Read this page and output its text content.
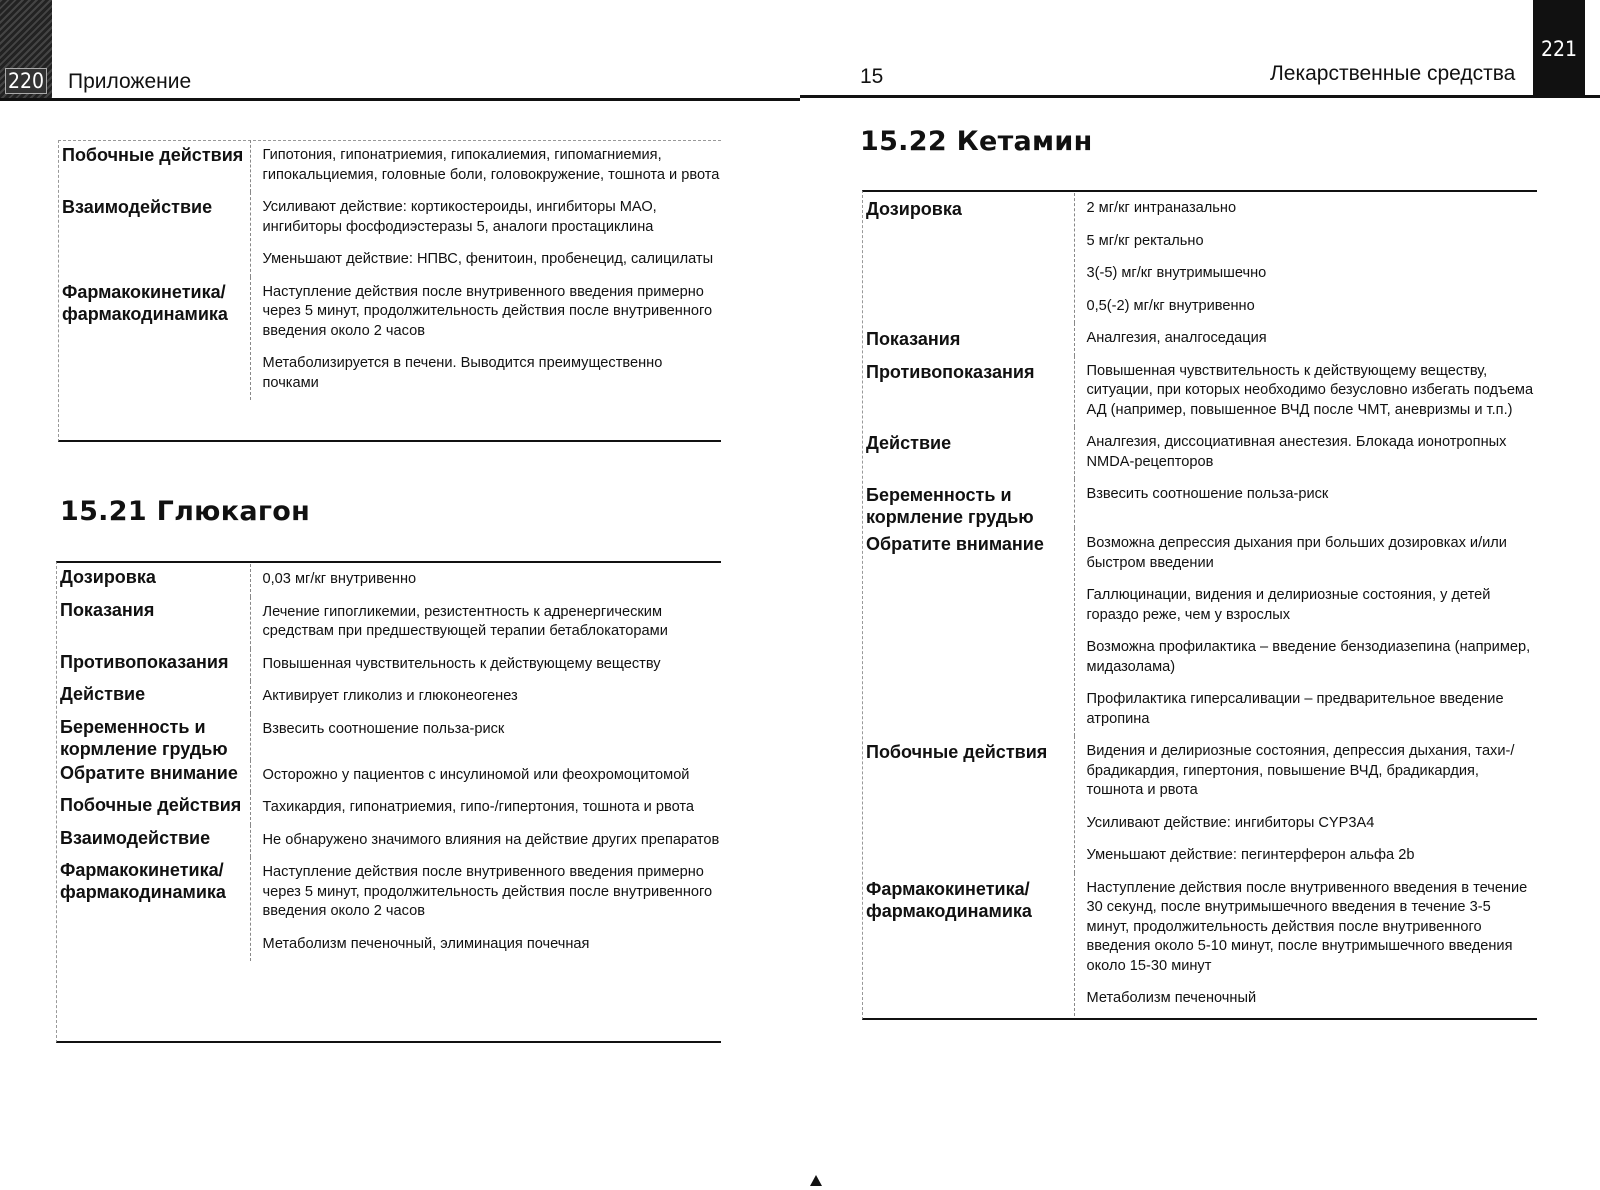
220 Приложение	15	Лекарственные средства
221
Побочные действия	Гипотония, гипонатриемия, гипокалиемия, гипомагниемия, гипокальциемия, головные боли, головокружение, тошнота и рвота

Взаимодействие	Усиливают действие: кортикостероиды, ингибиторы МАО, ингибиторы фосфодиэстеразы 5, аналоги простациклина
Уменьшают действие: НПВС, фенитоин, пробенецид, салицилаты

Фармакокинетика/ фармакодинамика	Наступление действия после внутривенного введения примерно через 5 минут, продолжительность действия после внутривенного введения около 2 часов
Метаболизируется в печени. Выводится преимущественно почками
15.21 Глюкагон
Дозировка	0,03 мг/кг внутривенно

Показания	Лечение гипогликемии, резистентность к адренергическим средствам при предшествующей терапии бетаблокаторами

Противопоказания	Повышенная чувствительность к действующему веществу

Действие	Активирует гликолиз и глюконеогенез

Беременность и кормление грудью	Взвесить соотношение польза-риск

Обратите внимание	Осторожно у пациентов с инсулиномой или феохромоцитомой

Побочные действия	Тахикардия, гипонатриемия, гипо-/гипертония, тошнота и рвота

Взаимодействие	Не обнаружено значимого влияния на действие других препаратов

Фармакокинетика/ фармакодинамика	Наступление действия после внутривенного введения примерно через 5 минут, продолжительность действия после внутривенного введения около 2 часов
Метаболизм печеночный, элиминация почечная
15.22 Кетамин
Дозировка	2 мг/кг интраназально
5 мг/кг ректально
3(-5) мг/кг внутримышечно
0,5(-2) мг/кг внутривенно

Показания	Аналгезия, аналгоседация

Противопоказания	Повышенная чувствительность к действующему веществу, ситуации, при которых необходимо безусловно избегать подъема АД (например, повышенное ВЧД после ЧМТ, аневризмы и т.п.)

Действие	Аналгезия, диссоциативная анестезия. Блокада ионотропных NMDA-рецепторов

Беременность и кормление грудью	Взвесить соотношение польза-риск

Обратите внимание	Возможна депрессия дыхания при больших дозировках и/или быстром введении
Галлюцинации, видения и делириозные состояния, у детей гораздо реже, чем у взрослых
Возможна профилактика – введение бензодиазепина (например, мидазолама)
Профилактика гиперсаливации – предварительное введение атропина

Побочные действия	Видения и делириозные состояния, депрессия дыхания, тахи-/брадикардия, гипертония, повышение ВЧД, брадикардия, тошнота и рвота
Усиливают действие: ингибиторы CYP3A4
Уменьшают действие: пегинтерферон альфа 2b

Фармакокинетика/ фармакодинамика	Наступление действия после внутривенного введения в течение 30 секунд, после внутримышечного введения в течение 3-5 минут, продолжительность действия после внутривенного введения около 5-10 минут, после внутримышечного введения около 15-30 минут
Метаболизм печеночный
